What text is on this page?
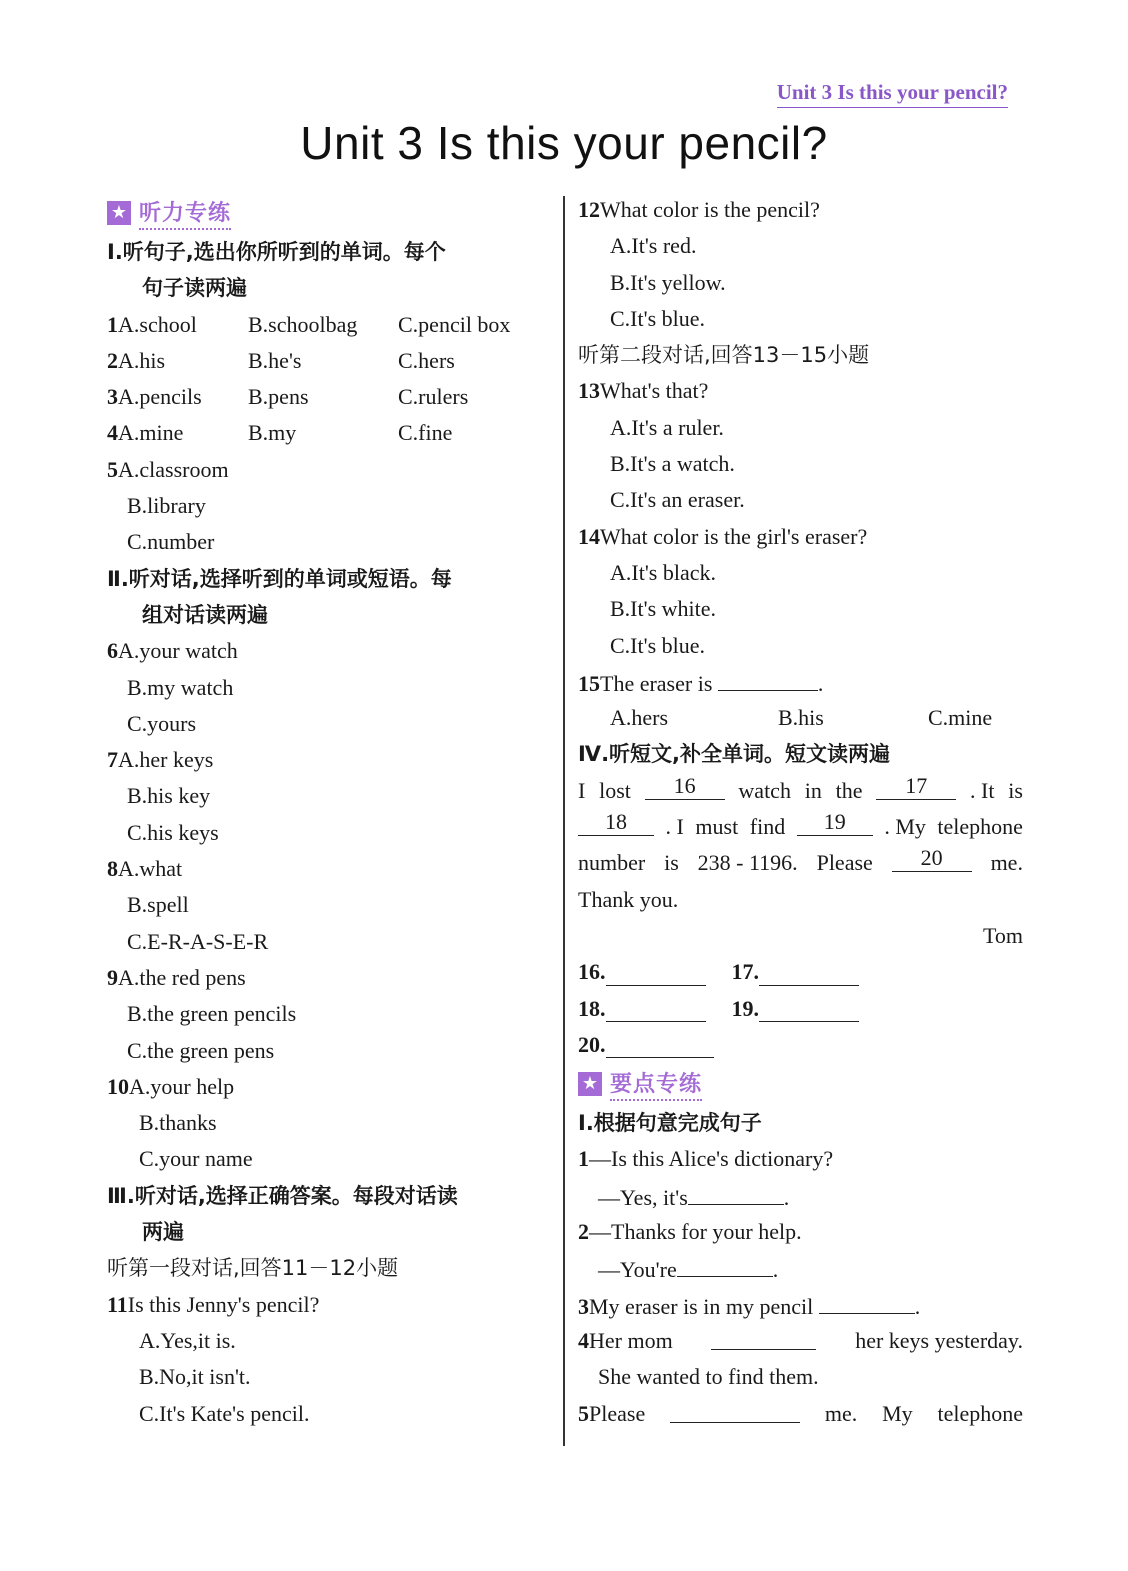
Unit 3 Is this your pencil?
Unit 3 Is this your pencil?
★ 听力专练
Ⅰ.听句子,选出你所听到的单词。每个
句子读两遍
1A.school B.schoolbag C.pencil box
2A.his	B.he's	C.hers
3A.pencils B.pens	C.rulers
4A.mine	B.my	C.fine
5A.classroom
B.library
C.number
Ⅱ.听对话,选择听到的单词或短语。每
组对话读两遍
6A.your watch
B.my watch
C.yours
7A.her keys
B.his key
C.his keys
8A.what
B.spell
C.E-R-A-S-E-R
9A.the red pens
B.the green pencils
C.the green pens
10A.your help
B.thanks
C.your name
Ⅲ.听对话,选择正确答案。每段对话读
两遍
听第一段对话,回答11－12小题
11Is this Jenny's pencil?
A.Yes,it is.
B.No,it isn't.
C.It's Kate's pencil.
12What color is the pencil?
A.It's red.
B.It's yellow.
C.It's blue.
听第二段对话,回答13－15小题
13What's that?
A.It's a ruler.
B.It's a watch.
C.It's an eraser.
14What color is the girl's eraser?
A.It's black.
B.It's white.
C.It's blue.
15The eraser is	.
A.hers	B.his	C.mine
Ⅳ.听短文,补全单词。短文读两遍
I lost	16	watch in the	17	. It is
18	. I must find	19	. My telephone
number is 238 - 1196. Please	20	me.
Thank you.
Tom
16.	17.
18.	19.
20.
★ 要点专练
Ⅰ.根据句意完成句子
1—Is this Alice's dictionary?
—Yes, it's	.
2—Thanks for your help.
—You're	.
3My eraser is in my pencil	.
4Her mom	her keys yesterday.
She wanted to find them.
5Please	me. My telephone
